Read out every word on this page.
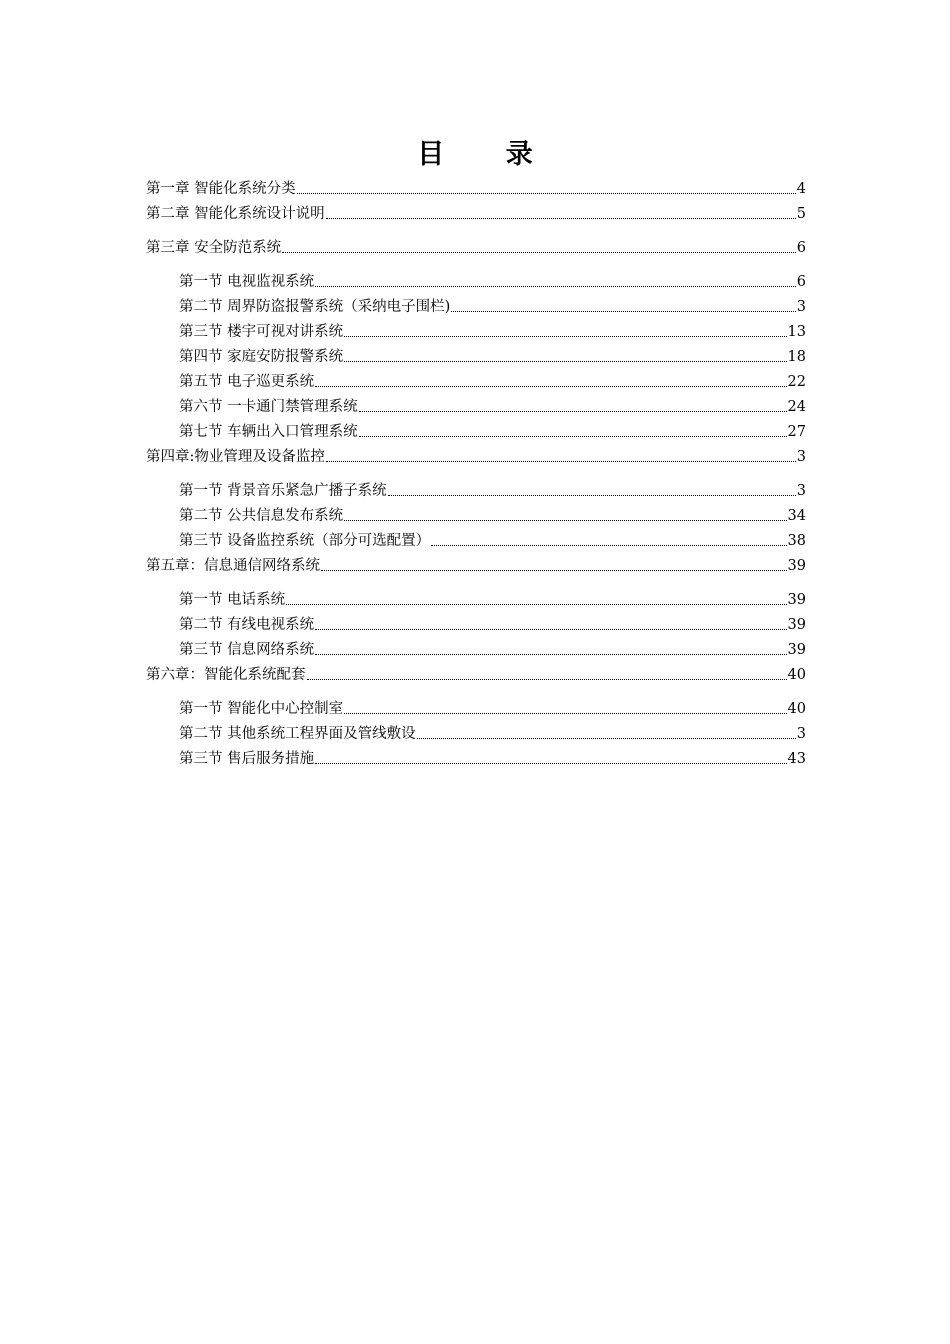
目 录
第一章 智能化系统分类	4
第二章 智能化系统设计说明	5
第三章 安全防范系统	6
第一节 电视监视系统	6
第二节 周界防盗报警系统（采纳电子围栏)	3
第三节 楼宇可视对讲系统	13
第四节 家庭安防报警系统	18
第五节 电子巡更系统	22
第六节 一卡通门禁管理系统	24
第七节 车辆出入口管理系统	27
第四章:物业管理及设备监控	3
第一节 背景音乐紧急广播子系统	3
第二节 公共信息发布系统	34
第三节 设备监控系统（部分可选配置）	38
第五章：信息通信网络系统	39
第一节 电话系统	39
第二节 有线电视系统	39
第三节 信息网络系统	39
第六章：智能化系统配套	40
第一节 智能化中心控制室	40
第二节 其他系统工程界面及管线敷设	3
第三节 售后服务措施	43
